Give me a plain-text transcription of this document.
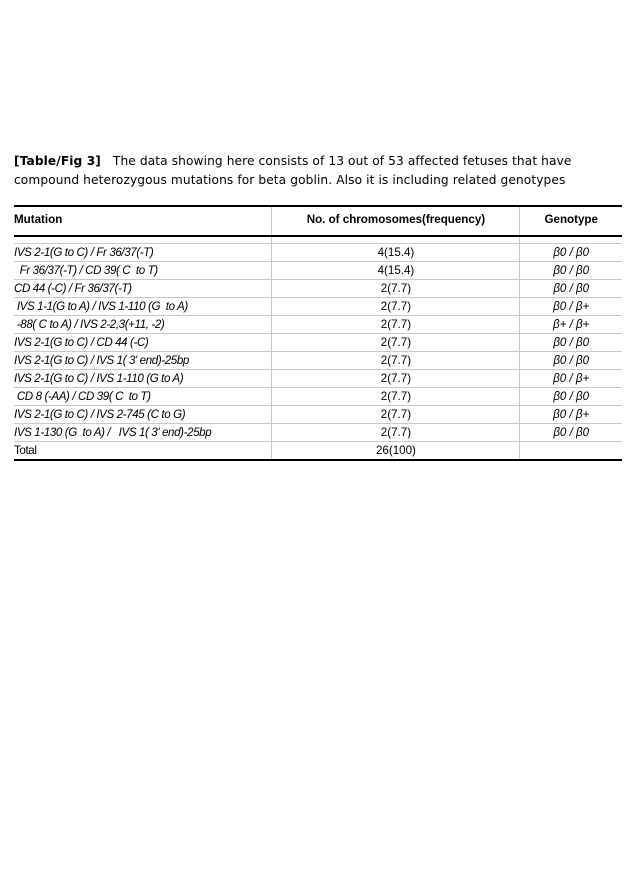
[Table/Fig 3] The data showing here consists of 13 out of 53 affected fetuses that have compound heterozygous mutations for beta goblin. Also it is including related genotypes
Mutation	No. of chromosomes(frequency)	Genotype

IVS 2-1(G to C) / Fr 36/37(-T)	4(15.4)	β0 / β0
Fr 36/37(-T) / CD 39( C  to T)	4(15.4)	β0 / β0
CD 44 (-C) / Fr 36/37(-T)	2(7.7)	β0 / β0
IVS 1-1(G to A) / IVS 1-110 (G  to A)	2(7.7)	β0 / β+
-88( C to A) / IVS 2-2,3(+11, -2)	2(7.7)	β+ / β+
IVS 2-1(G to C) / CD 44 (-C)	2(7.7)	β0 / β0
IVS 2-1(G to C) / IVS 1( 3' end)-25bp	2(7.7)	β0 / β0
IVS 2-1(G to C) / IVS 1-110 (G to A)	2(7.7)	β0 / β+
CD 8 (-AA) / CD 39( C  to T)	2(7.7)	β0 / β0
IVS 2-1(G to C) / IVS 2-745 (C to G)	2(7.7)	β0 / β+
IVS 1-130 (G  to A) /   IVS 1( 3' end)-25bp	2(7.7)	β0 / β0
Total	26(100)	
